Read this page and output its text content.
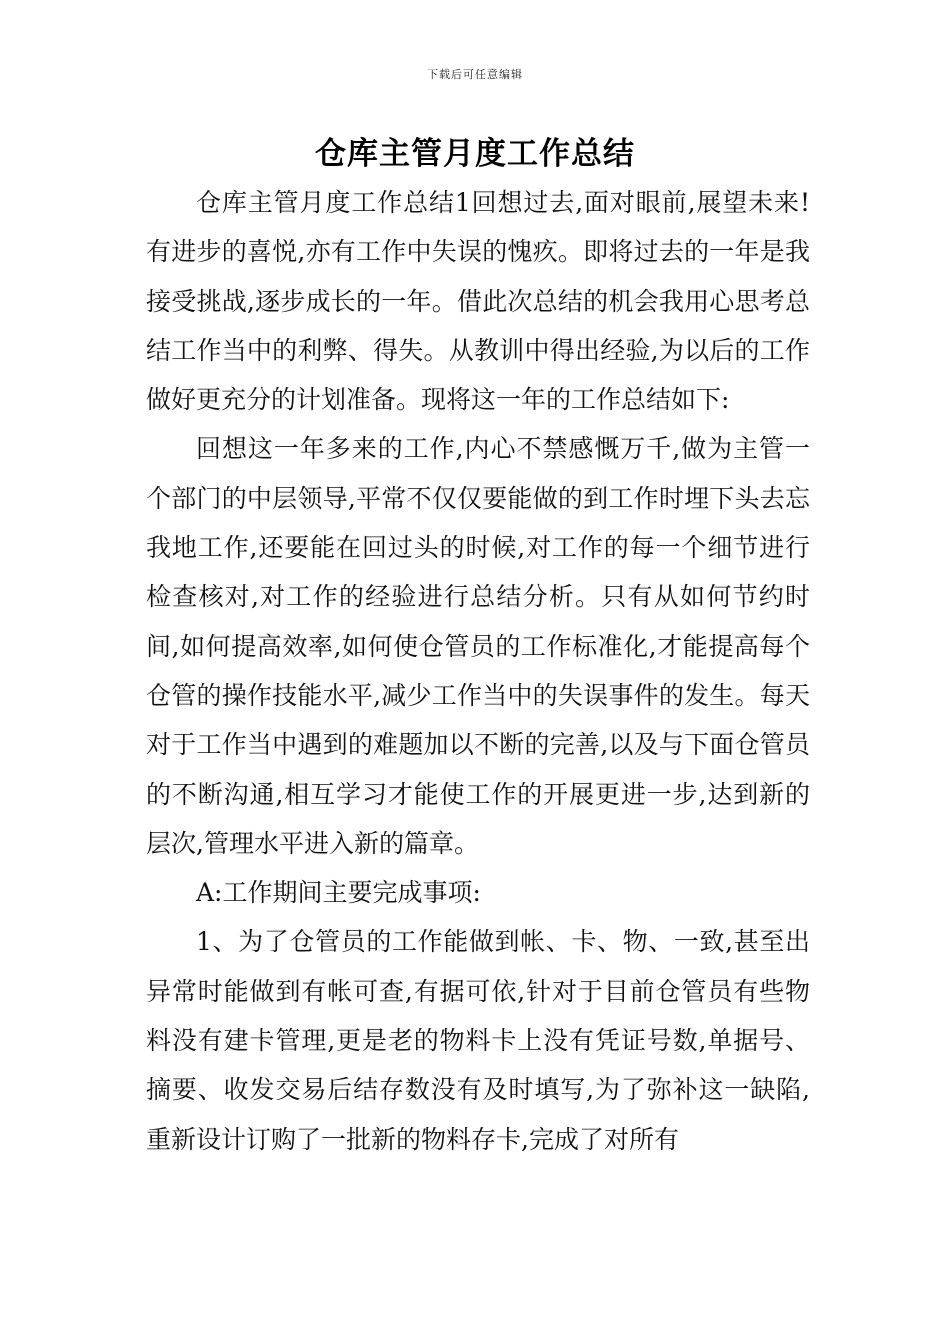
下载后可任意编辑
仓库主管月度工作总结

仓库主管月度工作总结1回想过去,面对眼前,展望未来!有进步的喜悦,亦有工作中失误的愧疚。即将过去的一年是我接受挑战,逐步成长的一年。借此次总结的机会我用心思考总结工作当中的利弊、得失。从教训中得出经验,为以后的工作做好更充分的计划准备。现将这一年的工作总结如下:

回想这一年多来的工作,内心不禁感慨万千,做为主管一个部门的中层领导,平常不仅仅要能做的到工作时埋下头去忘我地工作,还要能在回过头的时候,对工作的每一个细节进行检查核对,对工作的经验进行总结分析。只有从如何节约时间,如何提高效率,如何使仓管员的工作标准化,才能提高每个仓管的操作技能水平,减少工作当中的失误事件的发生。每天对于工作当中遇到的难题加以不断的完善,以及与下面仓管员的不断沟通,相互学习才能使工作的开展更进一步,达到新的层次,管理水平进入新的篇章。

A:工作期间主要完成事项:

1、为了仓管员的工作能做到帐、卡、物、一致,甚至出异常时能做到有帐可查,有据可依,针对于目前仓管员有些物料没有建卡管理,更是老的物料卡上没有凭证号数,单据号、摘要、收发交易后结存数没有及时填写,为了弥补这一缺陷,重新设计订购了一批新的物料存卡,完成了对所有
